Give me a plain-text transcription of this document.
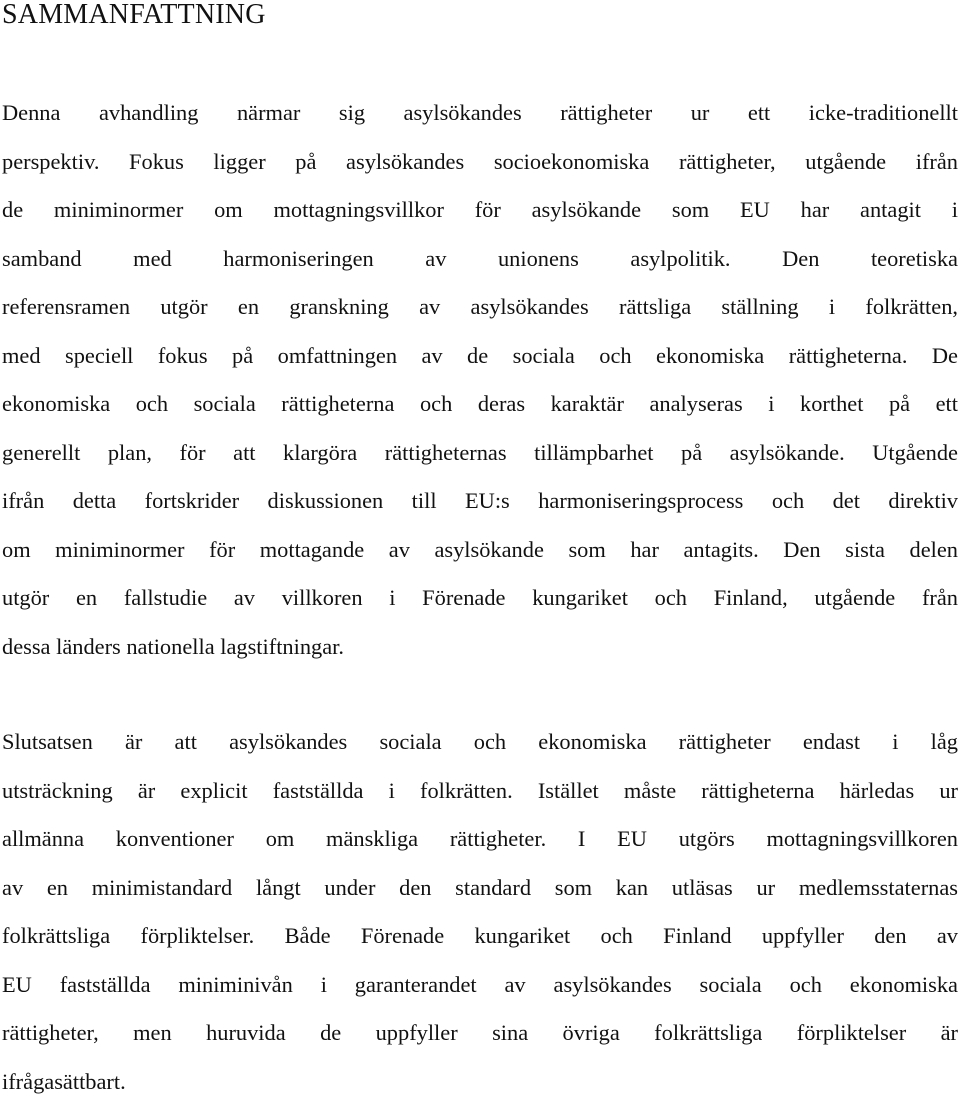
SAMMANFATTNING
Denna avhandling närmar sig asylsökandes rättigheter ur ett icke-traditionellt
perspektiv. Fokus ligger på asylsökandes socioekonomiska rättigheter, utgående ifrån
de miniminormer om mottagningsvillkor för asylsökande som EU har antagit i
samband med harmoniseringen av unionens asylpolitik. Den teoretiska
referensramen utgör en granskning av asylsökandes rättsliga ställning i folkrätten,
med speciell fokus på omfattningen av de sociala och ekonomiska rättigheterna. De
ekonomiska och sociala rättigheterna och deras karaktär analyseras i korthet på ett
generellt plan, för att klargöra rättigheternas tillämpbarhet på asylsökande. Utgående
ifrån detta fortskrider diskussionen till EU:s harmoniseringsprocess och det direktiv
om miniminormer för mottagande av asylsökande som har antagits. Den sista delen
utgör en fallstudie av villkoren i Förenade kungariket och Finland, utgående från
dessa länders nationella lagstiftningar.
Slutsatsen är att asylsökandes sociala och ekonomiska rättigheter endast i låg
utsträckning är explicit fastställda i folkrätten. Istället måste rättigheterna härledas ur
allmänna konventioner om mänskliga rättigheter. I EU utgörs mottagningsvillkoren
av en minimistandard långt under den standard som kan utläsas ur medlemsstaternas
folkrättsliga förpliktelser. Både Förenade kungariket och Finland uppfyller den av
EU fastställda miniminivån i garanterandet av asylsökandes sociala och ekonomiska
rättigheter, men huruvida de uppfyller sina övriga folkrättsliga förpliktelser är
ifrågasättbart.
